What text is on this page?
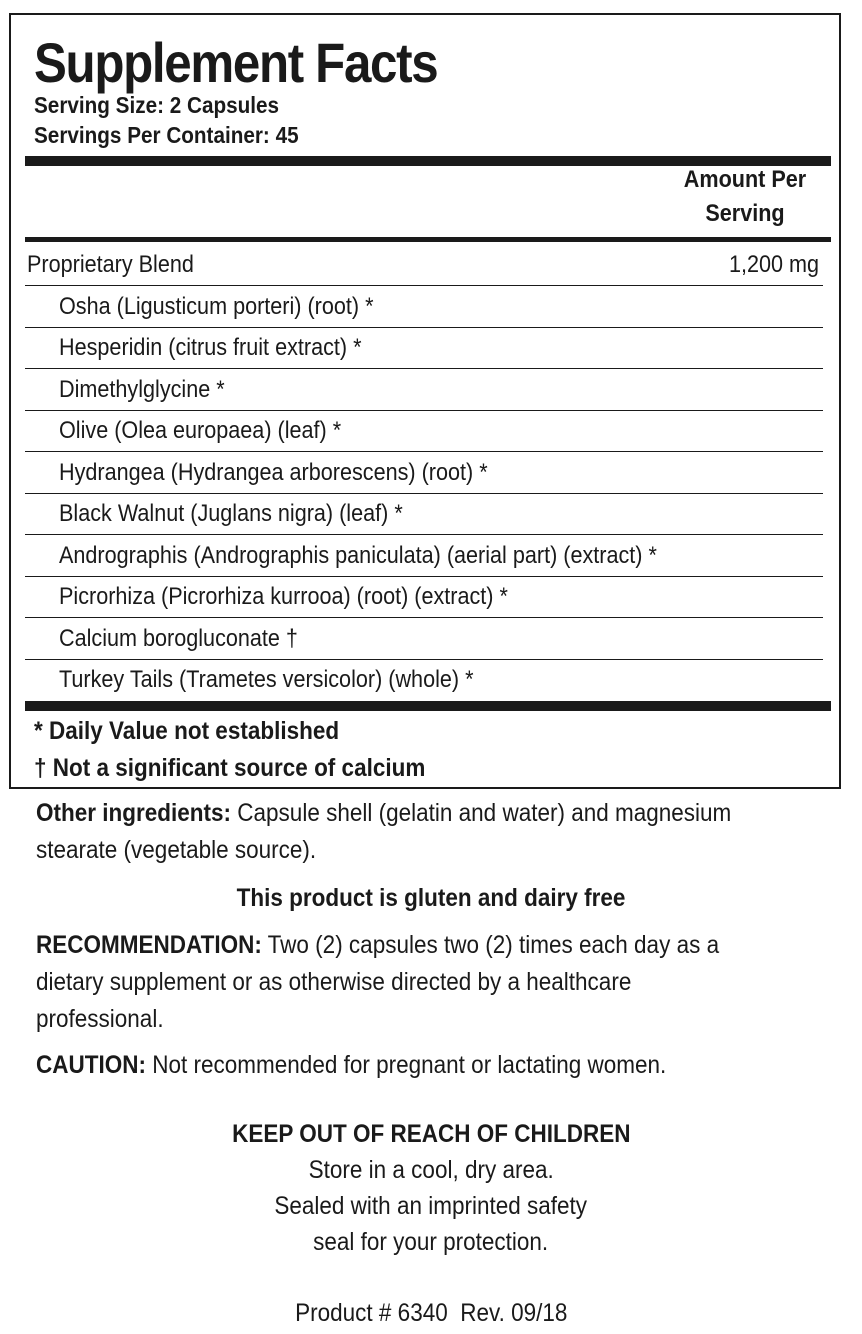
Supplement Facts
Serving Size: 2 Capsules
Servings Per Container: 45
Amount Per
Serving
Proprietary Blend	1,200 mg
Osha (Ligusticum porteri) (root) *
Hesperidin (citrus fruit extract) *
Dimethylglycine *
Olive (Olea europaea) (leaf) *
Hydrangea (Hydrangea arborescens) (root) *
Black Walnut (Juglans nigra) (leaf) *
Andrographis (Andrographis paniculata) (aerial part) (extract) *
Picrorhiza (Picrorhiza kurrooa) (root) (extract) *
Calcium borogluconate †
Turkey Tails (Trametes versicolor) (whole) *
* Daily Value not established
† Not a significant source of calcium
Other ingredients: Capsule shell (gelatin and water) and magnesium
stearate (vegetable source).
This product is gluten and dairy free
RECOMMENDATION: Two (2) capsules two (2) times each day as a
dietary supplement or as otherwise directed by a healthcare
professional.
CAUTION: Not recommended for pregnant or lactating women.
KEEP OUT OF REACH OF CHILDREN
Store in a cool, dry area.
Sealed with an imprinted safety
seal for your protection.
Product # 6340  Rev. 09/18
